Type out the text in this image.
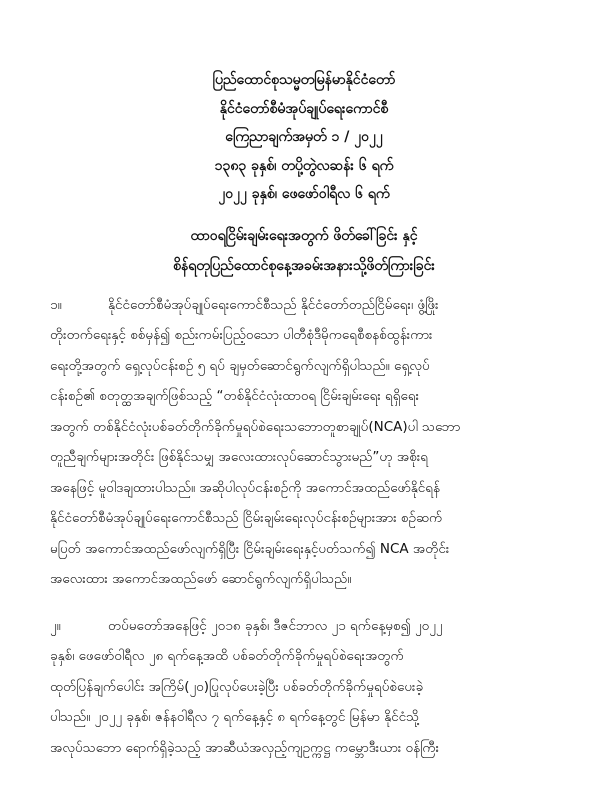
ပြည်ထောင်စုသမ္မတမြန်မာနိုင်ငံတော်
နိုင်ငံတော်စီမံအုပ်ချုပ်ရေးကောင်စီ
ကြေညာချက်အမှတ် ၁ / ၂၀၂၂
၁၃၈၃ ခုနှစ်၊ တပို့တွဲလဆန်း ၆ ရက်
၂၀၂၂ ခုနှစ်၊ ဖေဖော်ဝါရီလ ၆ ရက်
ထာဝရငြိမ်းချမ်းရေးအတွက် ဖိတ်ခေါ်ခြင်း နှင့်
စိန်ရတုပြည်ထောင်စုနေ့အခမ်းအနားသို့ဖိတ်ကြားခြင်း
၁။	နိုင်ငံတော်စီမံအုပ်ချုပ်ရေးကောင်စီသည် နိုင်ငံတော်တည်ငြိမ်ရေး၊ ဖွံ့ဖြိုး
တိုးတက်ရေးနှင့် စစ်မှန်၍ စည်းကမ်းပြည့်ဝသော ပါတီစုံဒီမိုကရေစီစနစ်ထွန်းကား
ရေးတို့အတွက် ရှေ့လုပ်ငန်းစဉ် ၅ ရပ် ချမှတ်ဆောင်ရွက်လျက်ရှိပါသည်။ ရှေ့လုပ်
ငန်းစဉ်၏ စတုတ္ထအချက်ဖြစ်သည့် “တစ်နိုင်ငံလုံးထာဝရ ငြိမ်းချမ်းရေး ရရှိရေး
အတွက် တစ်နိုင်ငံလုံးပစ်ခတ်တိုက်ခိုက်မှုရပ်စဲရေးသဘောတူစာချုပ်(NCA)ပါ သဘော
တူညီချက်များအတိုင်း ဖြစ်နိုင်သမျှ အလေးထားလုပ်ဆောင်သွားမည်”ဟု အစိုးရ
အနေဖြင့် မူဝါဒချထားပါသည်။ အဆိုပါလုပ်ငန်းစဉ်ကို အကောင်အထည်ဖော်နိုင်ရန်
နိုင်ငံတော်စီမံအုပ်ချုပ်ရေးကောင်စီသည် ငြိမ်းချမ်းရေးလုပ်ငန်းစဉ်များအား စဉ်ဆက်
မပြတ် အကောင်အထည်ဖော်လျက်ရှိပြီး ငြိမ်းချမ်းရေးနှင့်ပတ်သက်၍ NCA အတိုင်း
အလေးထား အကောင်အထည်ဖော် ဆောင်ရွက်လျက်ရှိပါသည်။
၂။	တပ်မတော်အနေဖြင့် ၂၀၁၈ ခုနှစ်၊ ဒီဇင်ဘာလ ၂၁ ရက်နေ့မှစ၍ ၂၀၂၂
ခုနှစ်၊ ဖေဖော်ဝါရီလ ၂၈ ရက်နေ့အထိ ပစ်ခတ်တိုက်ခိုက်မှုရပ်စဲရေးအတွက်
ထုတ်ပြန်ချက်ပေါင်း အကြိမ်(၂၀)ပြုလုပ်ပေးခဲ့ပြီး ပစ်ခတ်တိုက်ခိုက်မှုရပ်စဲပေးခဲ့
ပါသည်။ ၂၀၂၂ ခုနှစ်၊ ဇန်နဝါရီလ ၇ ရက်နေ့နှင့် ၈ ရက်နေ့တွင် မြန်မာ နိုင်ငံသို့
အလုပ်သဘော ရောက်ရှိခဲ့သည့် အာဆီယံအလှည့်ကျဥက္ကဋ္ဌ ကမ္ဘောဒီးယား ဝန်ကြီး
